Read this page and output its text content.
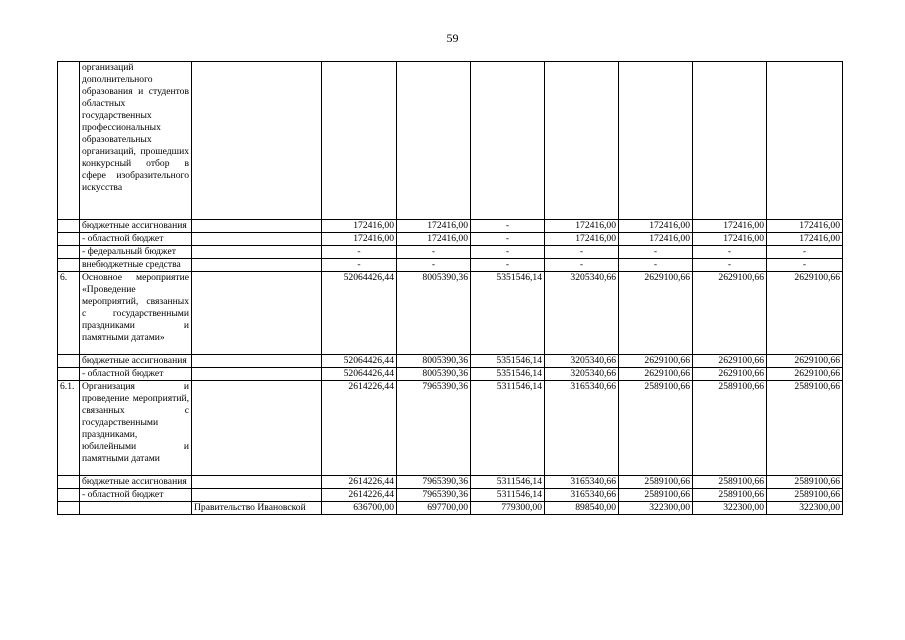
59
	организаций дополнительного образования и студентов областных государственных профессиональных образовательных организаций, прошедших конкурсный отбор в сфере изобразительного искусства								
	бюджетные ассигнования		172416,00	172416,00	-	172416,00	172416,00	172416,00	172416,00
	- областной бюджет		172416,00	172416,00	-	172416,00	172416,00	172416,00	172416,00
	- федеральный бюджет		-	-	-	-	-	-	-
	внебюджетные средства		-	-	-	-	-	-	-
6.	Основное мероприятие «Проведение мероприятий, связанных с государственными праздниками и памятными датами»		52064426,44	8005390,36	5351546,14	3205340,66	2629100,66	2629100,66	2629100,66
	бюджетные ассигнования		52064426,44	8005390,36	5351546,14	3205340,66	2629100,66	2629100,66	2629100,66
	- областной бюджет		52064426,44	8005390,36	5351546,14	3205340,66	2629100,66	2629100,66	2629100,66
6.1.	Организация и проведение мероприятий, связанных с государственными праздниками, юбилейными и памятными датами		2614226,44	7965390,36	5311546,14	3165340,66	2589100,66	2589100,66	2589100,66
	бюджетные ассигнования		2614226,44	7965390,36	5311546,14	3165340,66	2589100,66	2589100,66	2589100,66
	- областной бюджет		2614226,44	7965390,36	5311546,14	3165340,66	2589100,66	2589100,66	2589100,66
		Правительство Ивановской	636700,00	697700,00	779300,00	898540,00	322300,00	322300,00	322300,00
